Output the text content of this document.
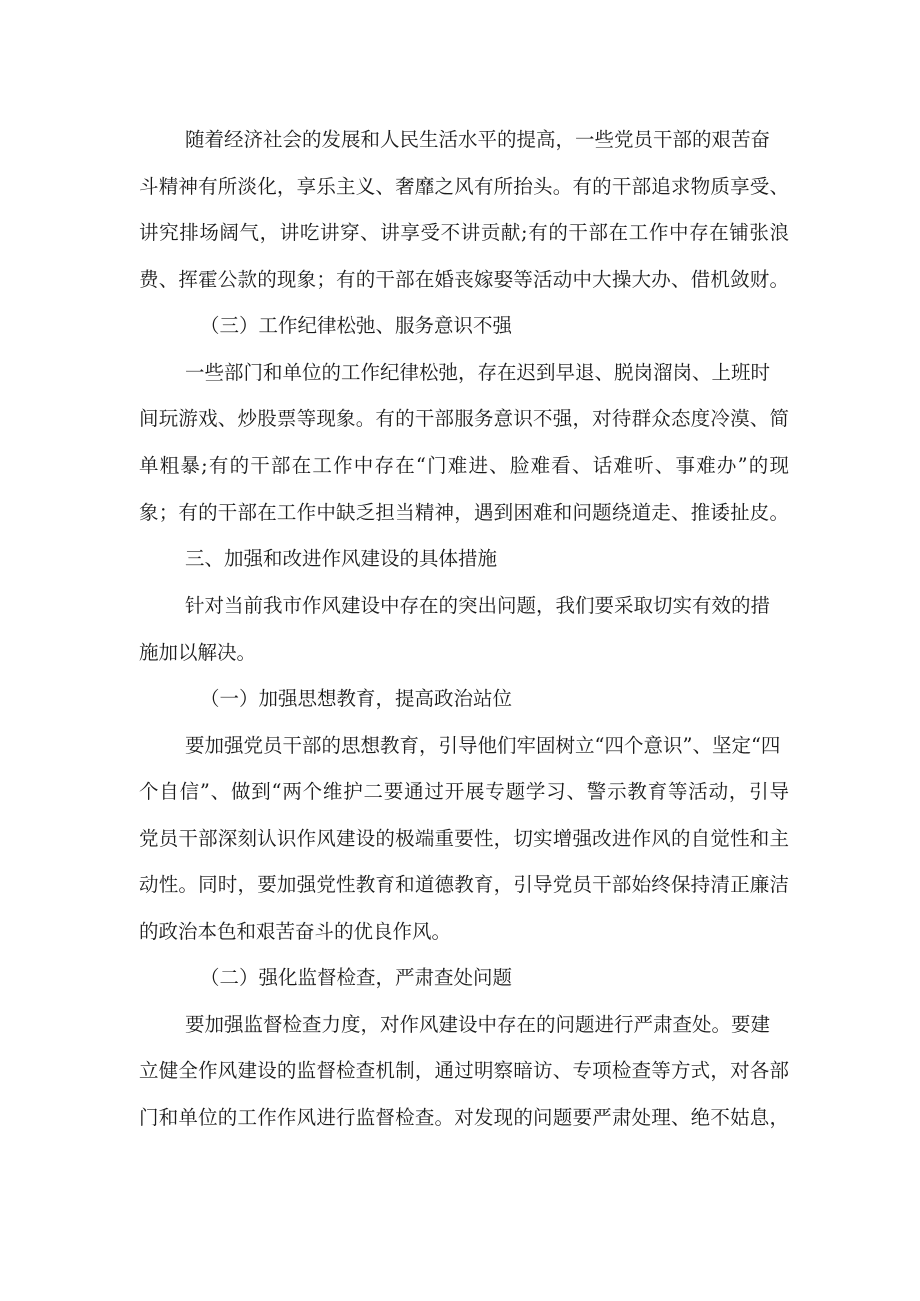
随着经济社会的发展和人民生活水平的提高，一些党员干部的艰苦奋
斗精神有所淡化，享乐主义、奢靡之风有所抬头。有的干部追求物质享受、
讲究排场阔气，讲吃讲穿、讲享受不讲贡献;有的干部在工作中存在铺张浪
费、挥霍公款的现象；有的干部在婚丧嫁娶等活动中大操大办、借机敛财。
（三）工作纪律松弛、服务意识不强
一些部门和单位的工作纪律松弛，存在迟到早退、脱岗溜岗、上班时
间玩游戏、炒股票等现象。有的干部服务意识不强，对待群众态度冷漠、简
单粗暴;有的干部在工作中存在“门难进、脸难看、话难听、事难办”的现
象；有的干部在工作中缺乏担当精神，遇到困难和问题绕道走、推诿扯皮。
三、加强和改进作风建设的具体措施
针对当前我市作风建设中存在的突出问题，我们要采取切实有效的措
施加以解决。
（一）加强思想教育，提高政治站位
要加强党员干部的思想教育，引导他们牢固树立“四个意识”、坚定“四
个自信”、做到“两个维护二要通过开展专题学习、警示教育等活动，引导
党员干部深刻认识作风建设的极端重要性，切实增强改进作风的自觉性和主
动性。同时，要加强党性教育和道德教育，引导党员干部始终保持清正廉洁
的政治本色和艰苦奋斗的优良作风。
（二）强化监督检查，严肃查处问题
要加强监督检查力度，对作风建设中存在的问题进行严肃查处。要建
立健全作风建设的监督检查机制，通过明察暗访、专项检查等方式，对各部
门和单位的工作作风进行监督检查。对发现的问题要严肃处理、绝不姑息，
